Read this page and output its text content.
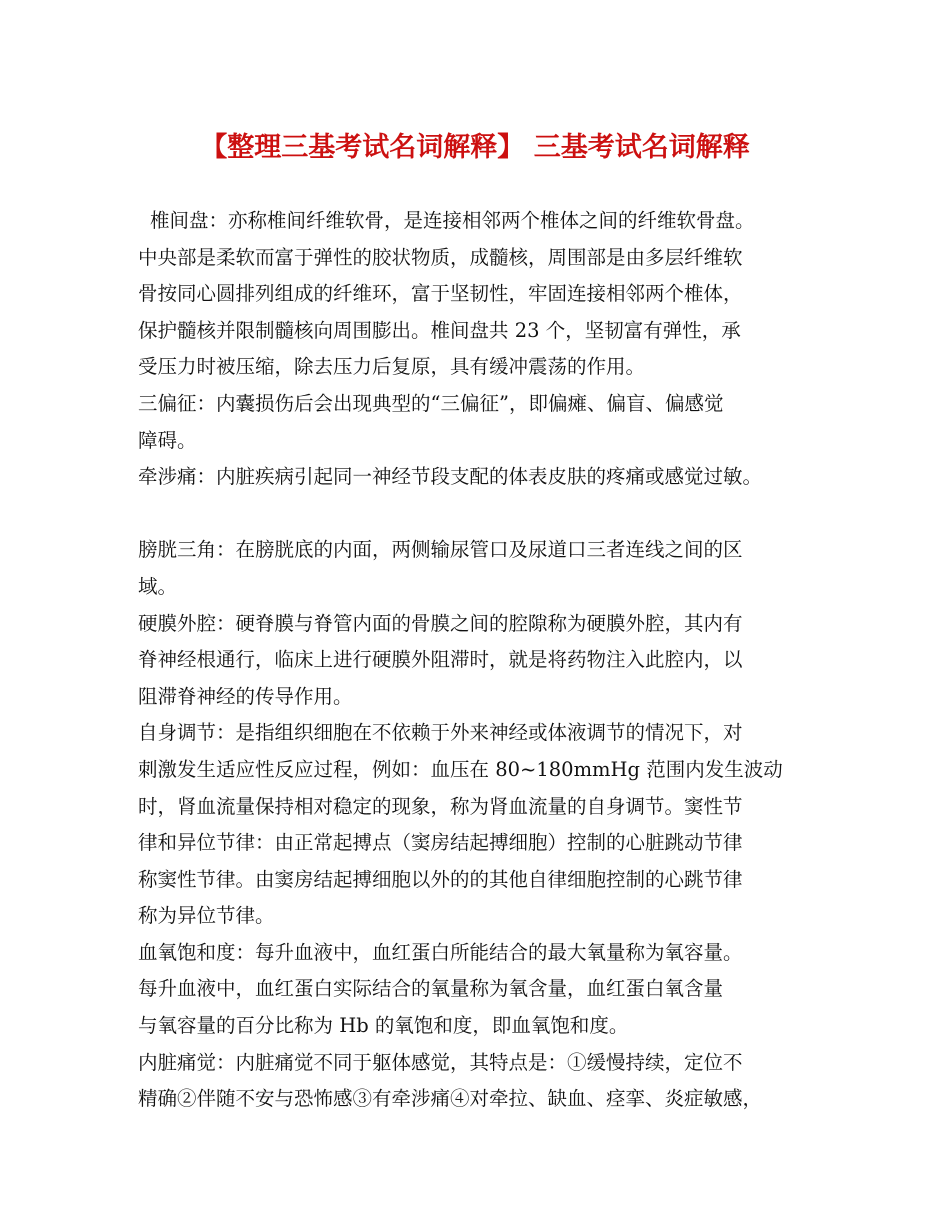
【整理三基考试名词解释】 三基考试名词解释
椎间盘：亦称椎间纤维软骨，是连接相邻两个椎体之间的纤维软骨盘。
中央部是柔软而富于弹性的胶状物质，成髓核，周围部是由多层纤维软
骨按同心圆排列组成的纤维环，富于坚韧性，牢固连接相邻两个椎体，
保护髓核并限制髓核向周围膨出。椎间盘共 23 个，坚韧富有弹性，承
受压力时被压缩，除去压力后复原，具有缓冲震荡的作用。
三偏征：内囊损伤后会出现典型的“三偏征”，即偏瘫、偏盲、偏感觉
障碍。
牵涉痛：内脏疾病引起同一神经节段支配的体表皮肤的疼痛或感觉过敏。
膀胱三角：在膀胱底的内面，两侧输尿管口及尿道口三者连线之间的区
域。
硬膜外腔：硬脊膜与脊管内面的骨膜之间的腔隙称为硬膜外腔，其内有
脊神经根通行，临床上进行硬膜外阻滞时，就是将药物注入此腔内，以
阻滞脊神经的传导作用。
自身调节：是指组织细胞在不依赖于外来神经或体液调节的情况下，对
刺激发生适应性反应过程，例如：血压在 80~180mmHg 范围内发生波动
时，肾血流量保持相对稳定的现象，称为肾血流量的自身调节。窦性节
律和异位节律：由正常起搏点（窦房结起搏细胞）控制的心脏跳动节律
称窦性节律。由窦房结起搏细胞以外的的其他自律细胞控制的心跳节律
称为异位节律。
血氧饱和度：每升血液中，血红蛋白所能结合的最大氧量称为氧容量。
每升血液中，血红蛋白实际结合的氧量称为氧含量，血红蛋白氧含量
与氧容量的百分比称为 Hb 的氧饱和度，即血氧饱和度。
内脏痛觉：内脏痛觉不同于躯体感觉，其特点是：①缓慢持续，定位不
精确②伴随不安与恐怖感③有牵涉痛④对牵拉、缺血、痉挛、炎症敏感，
